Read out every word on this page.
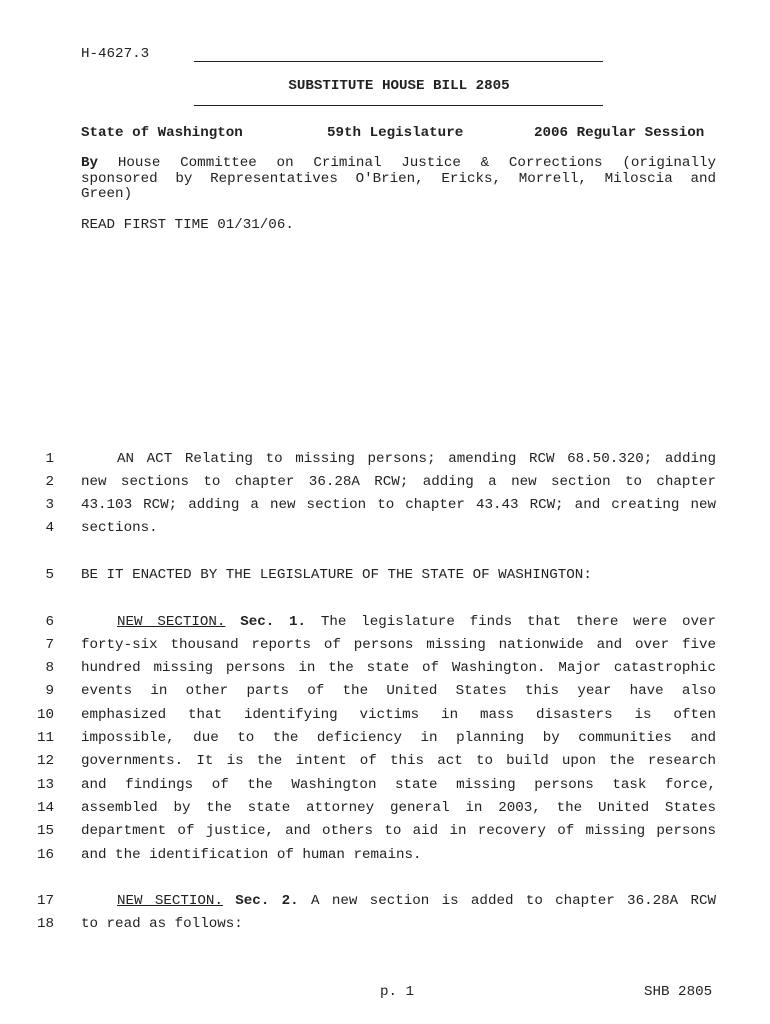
H-4627.3
SUBSTITUTE HOUSE BILL 2805
State of Washington	59th Legislature	2006 Regular Session
By House Committee on Criminal Justice & Corrections (originally
sponsored by Representatives O'Brien, Ericks, Morrell, Miloscia and
Green)
READ FIRST TIME 01/31/06.
1	AN ACT Relating to missing persons; amending RCW 68.50.320; adding
2 new sections to chapter 36.28A RCW; adding a new section to chapter
3 43.103 RCW; adding a new section to chapter 43.43 RCW; and creating new
4 sections.
5 BE IT ENACTED BY THE LEGISLATURE OF THE STATE OF WASHINGTON:
6	NEW SECTION. Sec. 1. The legislature finds that there were over
7 forty-six thousand reports of persons missing nationwide and over five
8 hundred missing persons in the state of Washington. Major catastrophic
9 events in other parts of the United States this year have also
10 emphasized that identifying victims in mass disasters is often
11 impossible, due to the deficiency in planning by communities and
12 governments. It is the intent of this act to build upon the research
13 and findings of the Washington state missing persons task force,
14 assembled by the state attorney general in 2003, the United States
15 department of justice, and others to aid in recovery of missing persons
16 and the identification of human remains.
17	NEW SECTION. Sec. 2. A new section is added to chapter 36.28A RCW
18 to read as follows:
p. 1	SHB 2805
